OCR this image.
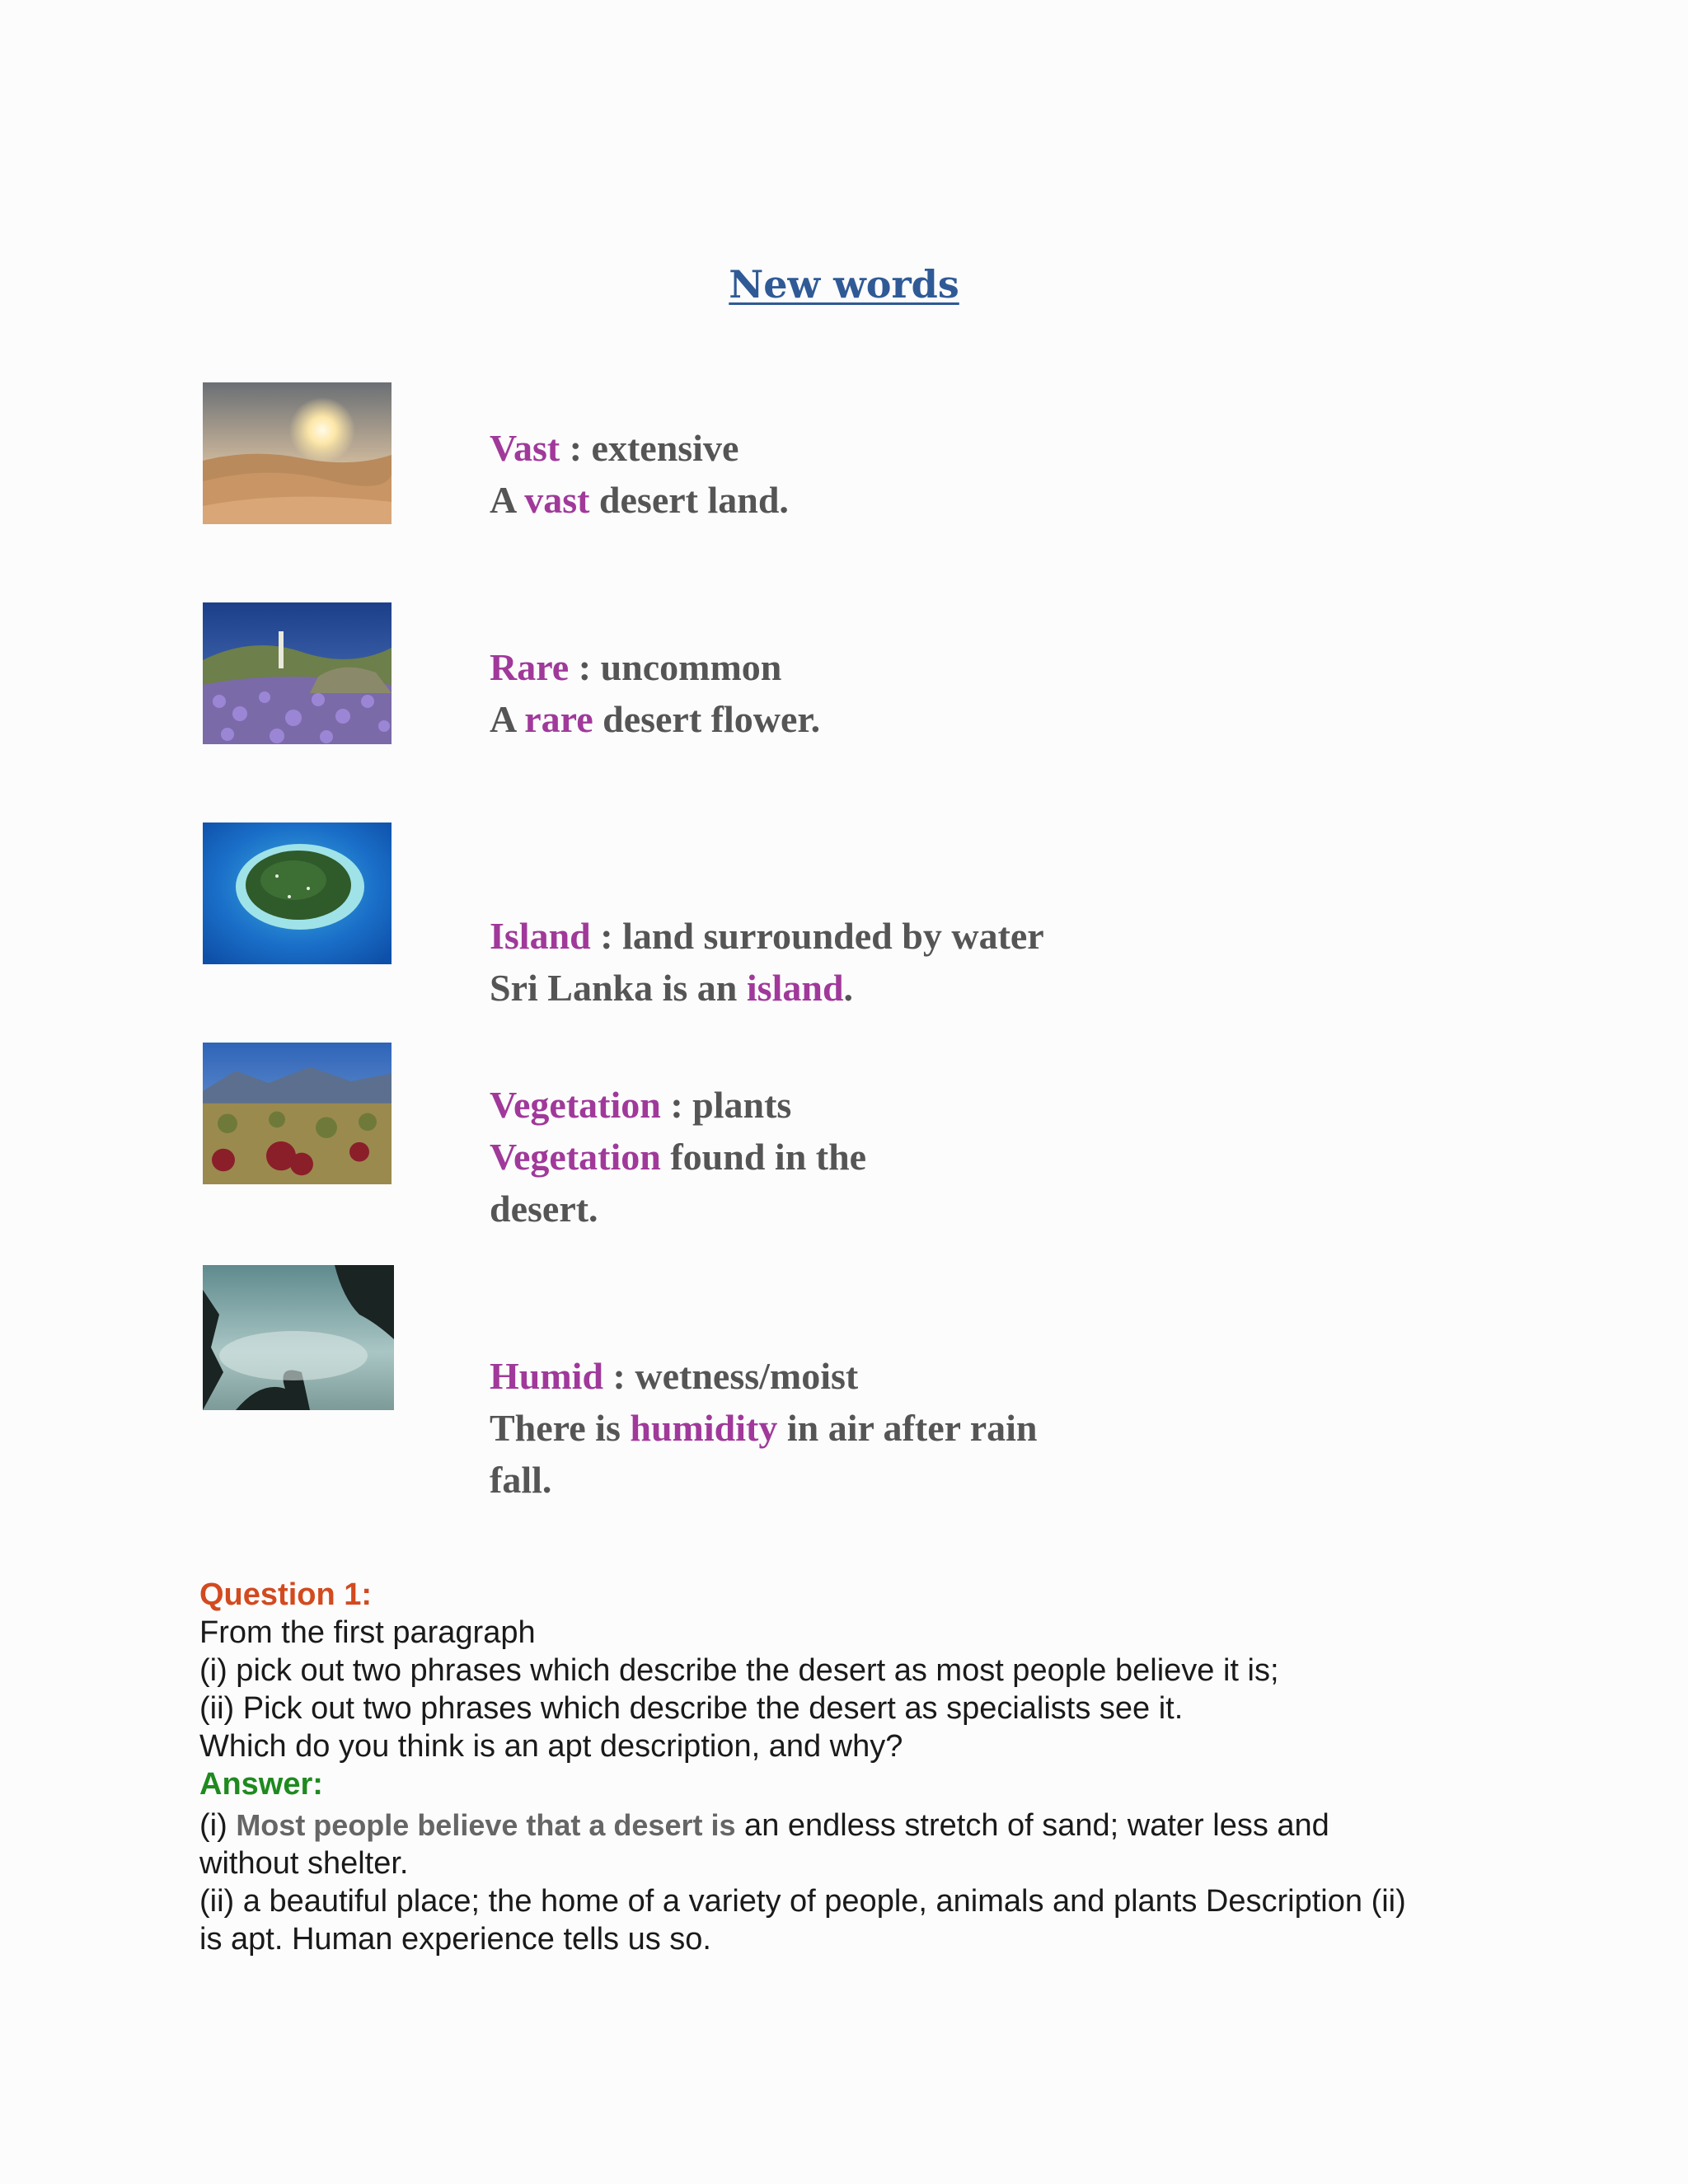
New words
Vast : extensive
A vast desert land.
Rare : uncommon
A rare desert flower.
Island : land surrounded by water
Sri Lanka is an island.
Vegetation : plants
Vegetation found in the
desert.
Humid : wetness/moist
There is humidity in air after rain
fall.
Question 1:
From the first paragraph
(i) pick out two phrases which describe the desert as most people believe it is;
(ii) Pick out two phrases which describe the desert as specialists see it.
Which do you think is an apt description, and why?
Answer:
(i) Most people believe that a desert is an endless stretch of sand; water less and
without shelter.
(ii) a beautiful place; the home of a variety of people, animals and plants Description (ii)
is apt. Human experience tells us so.
